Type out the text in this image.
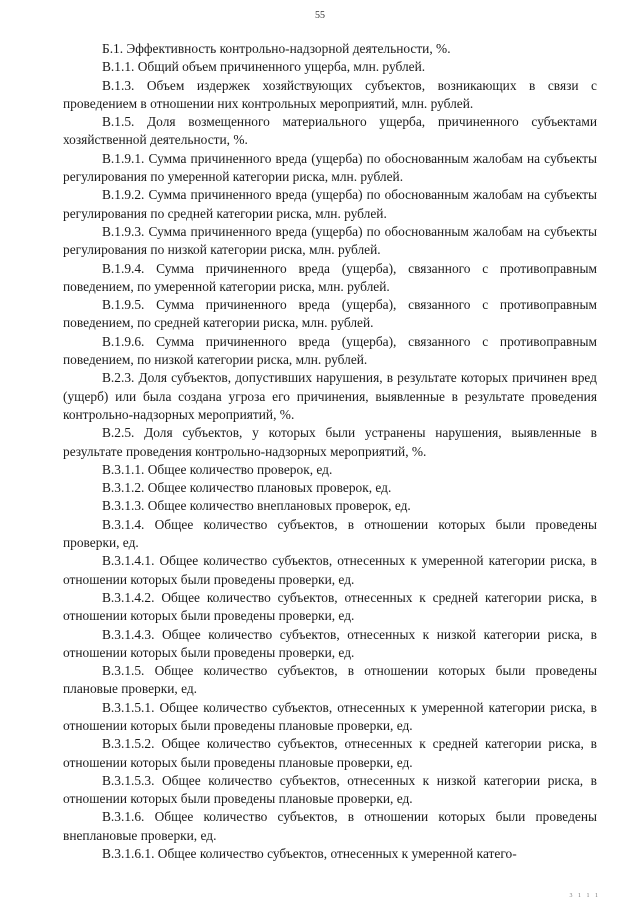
55

Б.1. Эффективность контрольно-надзорной деятельности, %.

В.1.1. Общий объем причиненного ущерба, млн. рублей.

В.1.3. Объем издержек хозяйствующих субъектов, возникающих в связи с проведением в отношении них контрольных мероприятий, млн. рублей.

В.1.5. Доля возмещенного материального ущерба, причиненного субъектами хозяйственной деятельности, %.

В.1.9.1. Сумма причиненного вреда (ущерба) по обоснованным жалобам на субъекты регулирования по умеренной категории риска, млн. рублей.

В.1.9.2. Сумма причиненного вреда (ущерба) по обоснованным жалобам на субъекты регулирования по средней категории риска, млн. рублей.

В.1.9.3. Сумма причиненного вреда (ущерба) по обоснованным жалобам на субъекты регулирования по низкой категории риска, млн. рублей.

В.1.9.4. Сумма причиненного вреда (ущерба), связанного с противоправным поведением, по умеренной категории риска, млн. рублей.

В.1.9.5. Сумма причиненного вреда (ущерба), связанного с противоправным поведением, по средней категории риска, млн. рублей.

В.1.9.6. Сумма причиненного вреда (ущерба), связанного с противоправным поведением, по низкой категории риска, млн. рублей.

В.2.3. Доля субъектов, допустивших нарушения, в результате которых причинен вред (ущерб) или была создана угроза его причинения, выявленные в результате проведения контрольно-надзорных мероприятий, %.

В.2.5. Доля субъектов, у которых были устранены нарушения, выявленные в результате проведения контрольно-надзорных мероприятий, %.

В.3.1.1. Общее количество проверок, ед.

В.3.1.2. Общее количество плановых проверок, ед.

В.3.1.3. Общее количество внеплановых проверок, ед.

В.3.1.4. Общее количество субъектов, в отношении которых были проведены проверки, ед.

В.3.1.4.1. Общее количество субъектов, отнесенных к умеренной категории риска, в отношении которых были проведены проверки, ед.

В.3.1.4.2. Общее количество субъектов, отнесенных к средней категории риска, в отношении которых были проведены проверки, ед.

В.3.1.4.3. Общее количество субъектов, отнесенных к низкой категории риска, в отношении которых были проведены проверки, ед.

В.3.1.5. Общее количество субъектов, в отношении которых были проведены плановые проверки, ед.

В.3.1.5.1. Общее количество субъектов, отнесенных к умеренной категории риска, в отношении которых были проведены плановые проверки, ед.

В.3.1.5.2. Общее количество субъектов, отнесенных к средней категории риска, в отношении которых были проведены плановые проверки, ед.

В.3.1.5.3. Общее количество субъектов, отнесенных к низкой категории риска, в отношении которых были проведены плановые проверки, ед.

В.3.1.6. Общее количество субъектов, в отношении которых были проведены внеплановые проверки, ед.

В.3.1.6.1. Общее количество субъектов, отнесенных к умеренной катего-

3 1 1 1
